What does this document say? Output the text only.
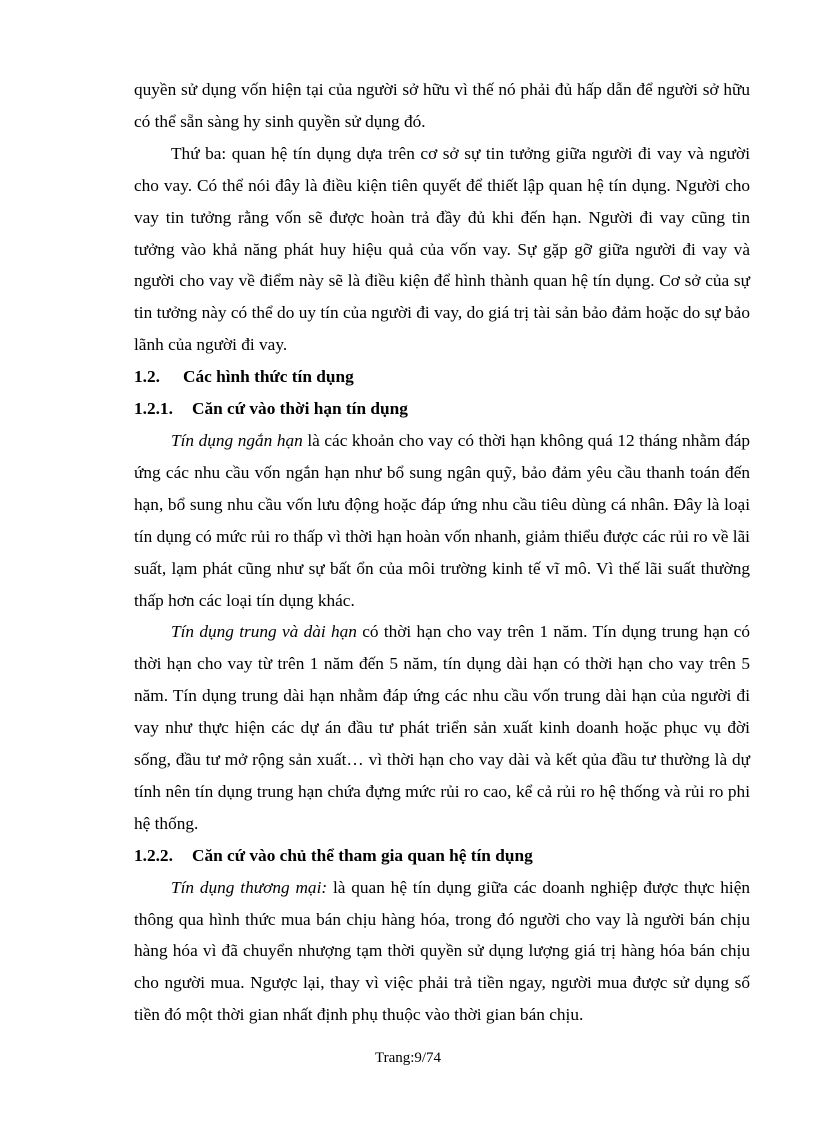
quyền sử dụng vốn hiện tại của người sở hữu vì thế nó phải đủ hấp dẫn để người sở hữu có thể sẵn sàng hy sinh quyền sử dụng đó.

Thứ ba: quan hệ tín dụng dựa trên cơ sở sự tin tưởng giữa người đi vay và người cho vay. Có thể nói đây là điều kiện tiên quyết để thiết lập quan hệ tín dụng. Người cho vay tin tưởng rằng vốn sẽ được hoàn trả đầy đủ khi đến hạn. Người đi vay cũng tin tưởng vào khả năng phát huy hiệu quả của vốn vay. Sự gặp gỡ giữa người đi vay và người cho vay về điểm này sẽ là điều kiện để hình thành quan hệ tín dụng. Cơ sở của sự tin tưởng này có thể do uy tín của người đi vay, do giá trị tài sản bảo đảm hoặc do sự bảo lãnh của người đi vay.

1.2. Các hình thức tín dụng
1.2.1. Căn cứ vào thời hạn tín dụng

Tín dụng ngắn hạn là các khoản cho vay có thời hạn không quá 12 tháng nhằm đáp ứng các nhu cầu vốn ngắn hạn như bổ sung ngân quỹ, bảo đảm yêu cầu thanh toán đến hạn, bổ sung nhu cầu vốn lưu động hoặc đáp ứng nhu cầu tiêu dùng cá nhân. Đây là loại tín dụng có mức rủi ro thấp vì thời hạn hoàn vốn nhanh, giảm thiểu được các rủi ro về lãi suất, lạm phát cũng như sự bất ổn của môi trường kinh tế vĩ mô. Vì thế lãi suất thường thấp hơn các loại tín dụng khác.

Tín dụng trung và dài hạn có thời hạn cho vay trên 1 năm. Tín dụng trung hạn có thời hạn cho vay từ trên 1 năm đến 5 năm, tín dụng dài hạn có thời hạn cho vay trên 5 năm. Tín dụng trung dài hạn nhằm đáp ứng các nhu cầu vốn trung dài hạn của người đi vay như thực hiện các dự án đầu tư phát triển sản xuất kinh doanh hoặc phục vụ đời sống, đầu tư mở rộng sản xuất… vì thời hạn cho vay dài và kết qủa đầu tư thường là dự tính nên tín dụng trung hạn chứa đựng mức rủi ro cao, kể cả rủi ro hệ thống và rủi ro phi hệ thống.

1.2.2. Căn cứ vào chủ thể tham gia quan hệ tín dụng

Tín dụng thương mại: là quan hệ tín dụng giữa các doanh nghiệp được thực hiện thông qua hình thức mua bán chịu hàng hóa, trong đó người cho vay là người bán chịu hàng hóa vì đã chuyển nhượng tạm thời quyền sử dụng lượng giá trị hàng hóa bán chịu cho người mua. Ngược lại, thay vì việc phải trả tiền ngay, người mua được sử dụng số tiền đó một thời gian nhất định phụ thuộc vào thời gian bán chịu.

Trang:9/74
